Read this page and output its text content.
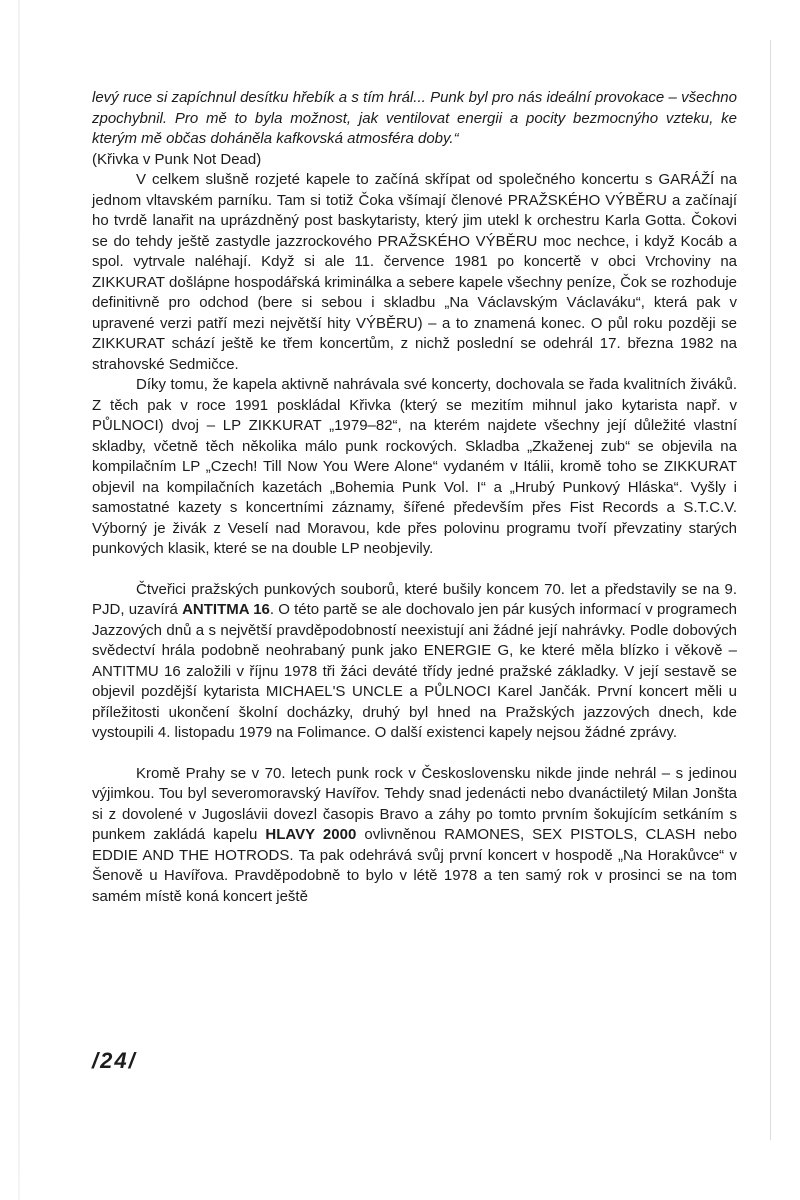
levý ruce si zapíchnul desítku hřebík a s tím hrál... Punk byl pro nás ideální provokace – všechno zpochybnil. Pro mě to byla možnost, jak ventilovat energii a pocity bezmocnýho vzteku, ke kterým mě občas doháněla kafkovská atmosféra doby.“
(Křivka v Punk Not Dead)

V celkem slušně rozjeté kapele to začíná skřípat od společného koncertu s GARÁŽÍ na jednom vltavském parníku. Tam si totiž Čoka všímají členové PRAŽSKÉHO VÝBĚRU a začínají ho tvrdě lanařit na uprázdněný post baskytaristy, který jim utekl k orchestru Karla Gotta. Čokovi se do tehdy ještě zastydle jazzrockového PRAŽSKÉHO VÝBĚRU moc nechce, i když Kocáb a spol. vytrvale naléhají. Když si ale 11. července 1981 po koncertě v obci Vrchoviny na ZIKKURAT došlápne hospodářská kriminálka a sebere kapele všechny peníze, Čok se rozhoduje definitivně pro odchod (bere si sebou i skladbu „Na Václavským Václaváku“, která pak v upravené verzi patří mezi největší hity VÝBĚRU) – a to znamená konec. O půl roku později se ZIKKURAT schází ještě ke třem koncertům, z nichž poslední se odehrál 17. března 1982 na strahovské Sedmičce.

Díky tomu, že kapela aktivně nahrávala své koncerty, dochovala se řada kvalitních živáků. Z těch pak v roce 1991 poskládal Křivka (který se mezitím mihnul jako kytarista např. v PŮLNOCI) dvoj – LP ZIKKURAT „1979–82“, na kterém najdete všechny její důležité vlastní skladby, včetně těch několika málo punk rockových. Skladba „Zkaženej zub“ se objevila na kompilačním LP „Czech! Till Now You Were Alone“ vydaném v Itálii, kromě toho se ZIKKURAT objevil na kompilačních kazetách „Bohemia Punk Vol. I“ a „Hrubý Punkový Hláska“. Vyšly i samostatné kazety s koncertními záznamy, šířené především přes Fist Records a S.T.C.V. Výborný je živák z Veselí nad Moravou, kde přes polovinu programu tvoří převzatiny starých punkových klasik, které se na double LP neobjevily.

Čtveřici pražských punkových souborů, které bušily koncem 70. let a představily se na 9. PJD, uzavírá ANTITMA 16. O této partě se ale dochovalo jen pár kusých informací v programech Jazzových dnů a s největší pravděpodobností neexistují ani žádné její nahrávky. Podle dobových svědectví hrála podobně neohrabaný punk jako ENERGIE G, ke které měla blízko i věkově – ANTITMU 16 založili v říjnu 1978 tři žáci deváté třídy jedné pražské základky. V její sestavě se objevil pozdější kytarista MICHAEL'S UNCLE a PŮLNOCI Karel Jančák. První koncert měli u příležitosti ukončení školní docházky, druhý byl hned na Pražských jazzových dnech, kde vystoupili 4. listopadu 1979 na Folimance. O další existenci kapely nejsou žádné zprávy.

Kromě Prahy se v 70. letech punk rock v Československu nikde jinde nehrál – s jedinou výjimkou. Tou byl severomoravský Havířov. Tehdy snad jedenácti nebo dvanáctiletý Milan Jonšta si z dovolené v Jugoslávii dovezl časopis Bravo a záhy po tomto prvním šokujícím setkáním s punkem zakládá kapelu HLAVY 2000 ovlivněnou RAMONES, SEX PISTOLS, CLASH nebo EDDIE AND THE HOTRODS. Ta pak odehrává svůj první koncert v hospodě „Na Horakůvce“ v Šenově u Havířova. Pravděpodobně to bylo v létě 1978 a ten samý rok v prosinci se na tom samém místě koná koncert ještě

/24/
